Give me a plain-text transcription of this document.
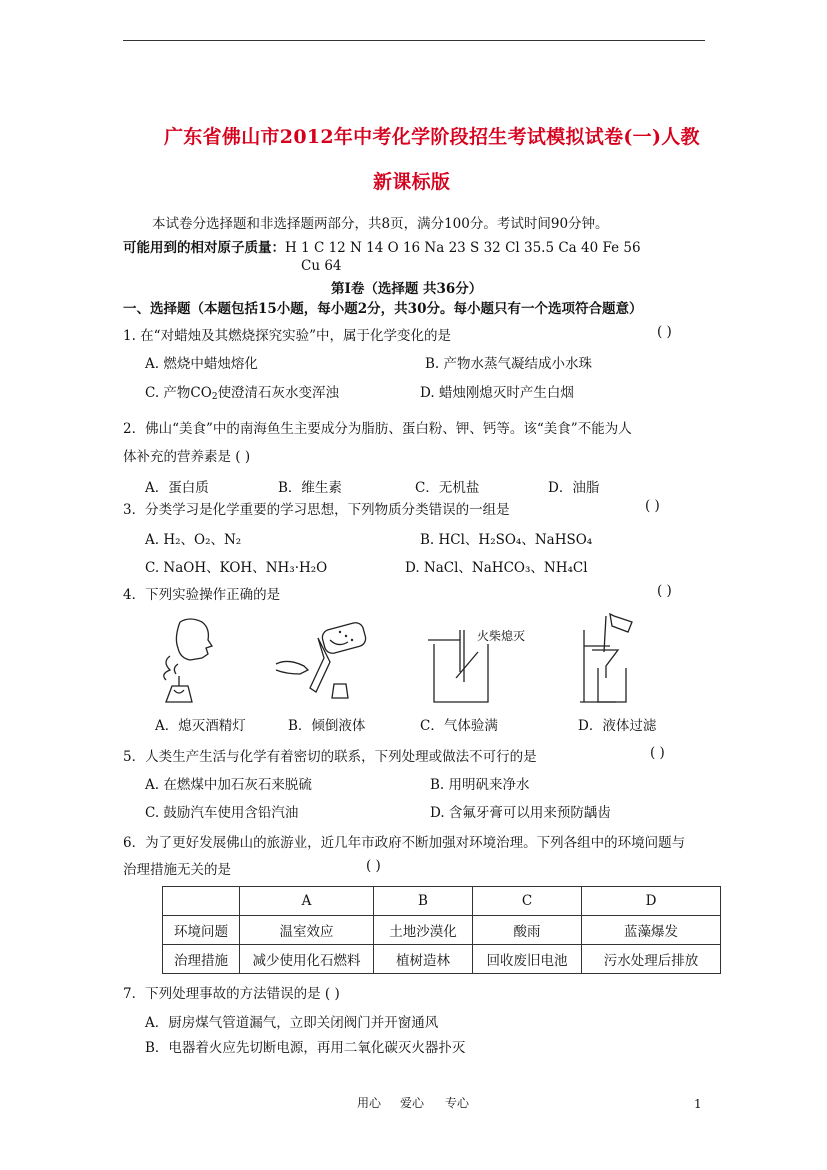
广东省佛山市2012年中考化学阶段招生考试模拟试卷(一)人教
新课标版
本试卷分选择题和非选择题两部分，共8页，满分100分。考试时间90分钟。
可能用到的相对原子质量：H 1 C 12 N 14 O 16 Na 23 S 32 Cl 35.5 Ca 40 Fe 56
Cu 64
第Ⅰ卷（选择题 共36分）
一、选择题（本题包括15小题，每小题2分，共30分。每小题只有一个选项符合题意）
1. 在“对蜡烛及其燃烧探究实验”中，属于化学变化的是	( )
A. 燃烧中蜡烛熔化	B. 产物水蒸气凝结成小水珠
C. 产物$CO_2$使澄清石灰水变浑浊	D. 蜡烛刚熄灭时产生白烟
2．佛山“美食”中的南海鱼生主要成分为脂肪、蛋白粉、钾、钙等。该“美食”不能为人
体补充的营养素是 ( )
A．蛋白质	B．维生素	C．无机盐	D．油脂
3．分类学习是化学重要的学习思想，下列物质分类错误的一组是	( )
A. H₂、O₂、N₂	B. HCl、H₂SO₄、NaHSO₄
C. NaOH、KOH、NH₃·H₂O	D. NaCl、NaHCO₃、NH₄Cl
4．下列实验操作正确的是	( )
火柴熄灭
A．熄灭酒精灯	B．倾倒液体	C．气体验满	D．液体过滤
5．人类生产生活与化学有着密切的联系，下列处理或做法不可行的是	( )
A. 在燃煤中加石灰石来脱硫	B. 用明矾来净水
C. 鼓励汽车使用含铅汽油	D. 含氟牙膏可以用来预防龋齿
6．为了更好发展佛山的旅游业，近几年市政府不断加强对环境治理。下列各组中的环境问题与
治理措施无关的是	( )
	A	B	C	D
环境问题	温室效应	土地沙漠化	酸雨	蓝藻爆发
治理措施	减少使用化石燃料	植树造林	回收废旧电池	污水处理后排放
7．下列处理事故的方法错误的是 ( )
A．厨房煤气管道漏气，立即关闭阀门并开窗通风
B．电器着火应先切断电源，再用二氧化碳灭火器扑灭
用心 爱心 专心	1
